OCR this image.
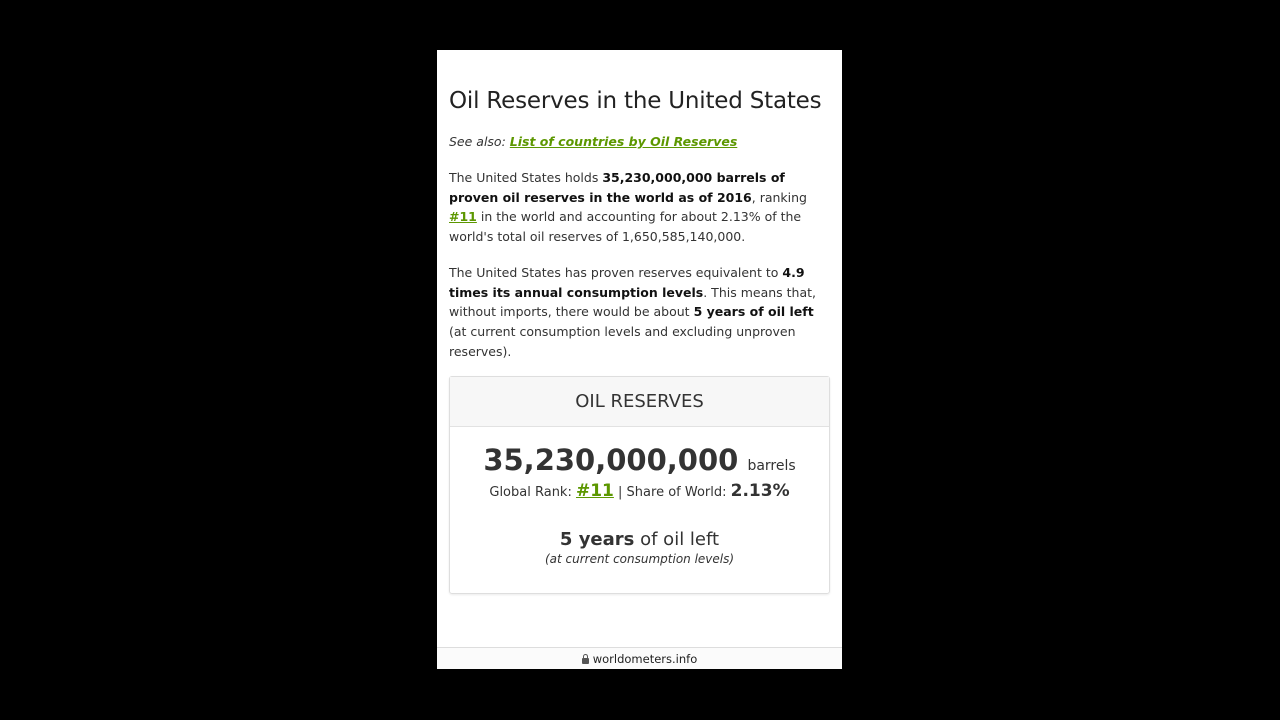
Oil Reserves in the United States
See also: List of countries by Oil Reserves

The United States holds 35,230,000,000 barrels of proven oil reserves in the world as of 2016, ranking #11 in the world and accounting for about 2.13% of the world's total oil reserves of 1,650,585,140,000.

The United States has proven reserves equivalent to 4.9 times its annual consumption levels. This means that, without imports, there would be about 5 years of oil left (at current consumption levels and excluding unproven reserves).

OIL RESERVES
35,230,000,000 barrels
Global Rank: #11 | Share of World: 2.13%
5 years of oil left
(at current consumption levels)
worldometers.info
